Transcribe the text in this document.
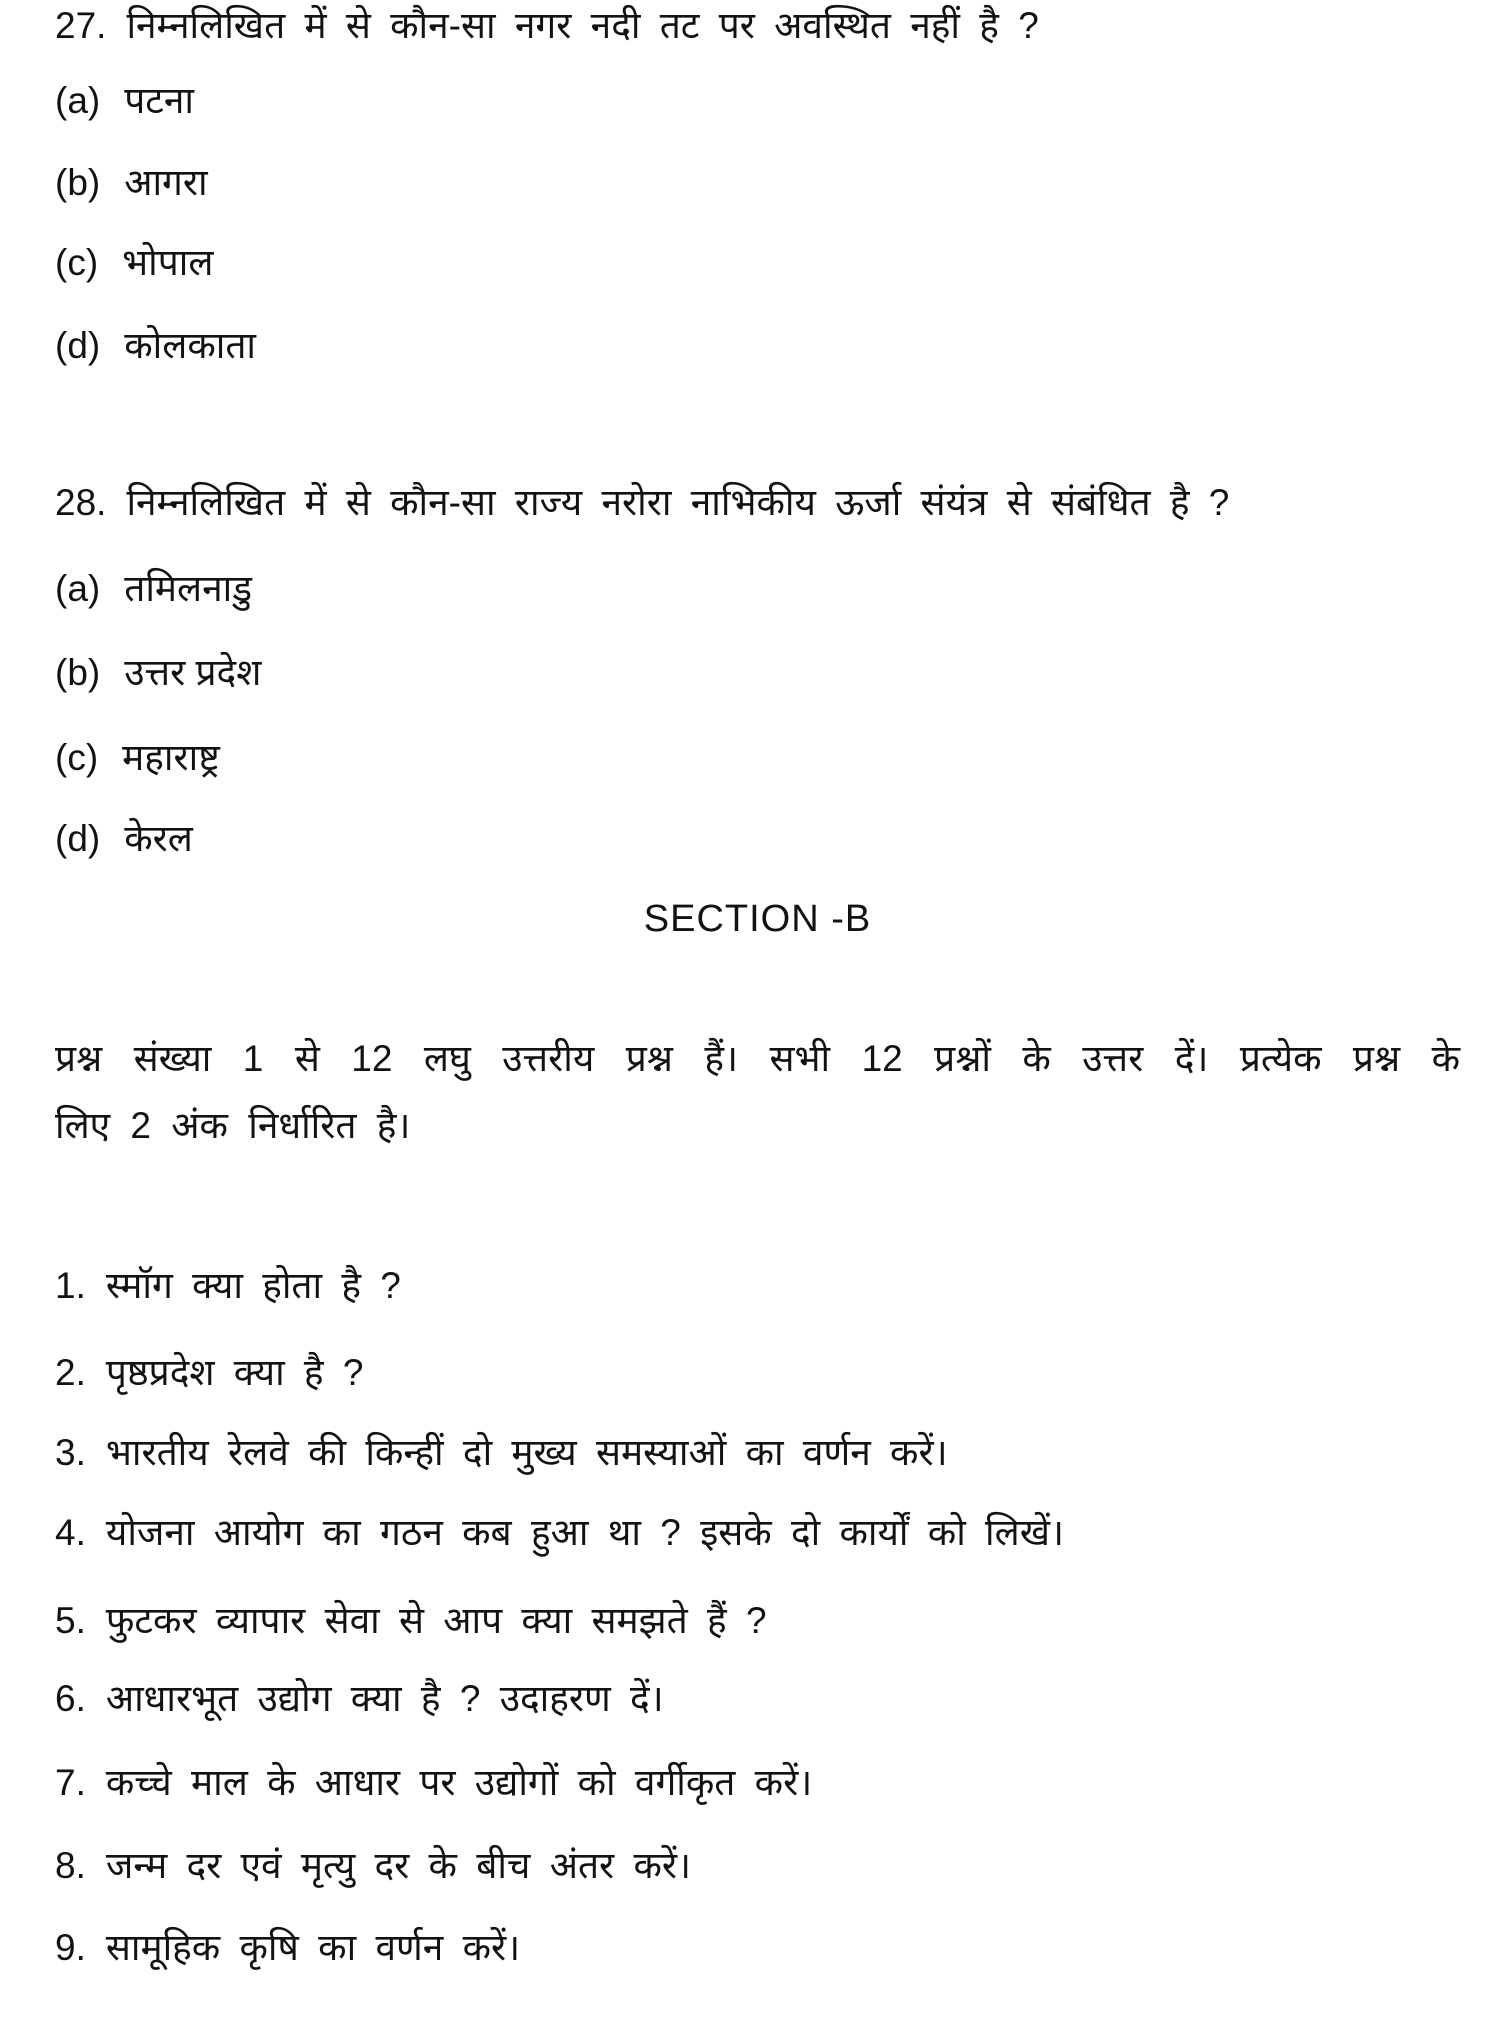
27. निम्नलिखित में से कौन-सा नगर नदी तट पर अवस्थित नहीं है ?
(a) पटना
(b) आगरा
(c) भोपाल
(d) कोलकाता
28. निम्नलिखित में से कौन-सा राज्य नरोरा नाभिकीय ऊर्जा संयंत्र से संबंधित है ?
(a) तमिलनाडु
(b) उत्तर प्रदेश
(c) महाराष्ट्र
(d) केरल
SECTION -B
प्रश्न संख्या 1 से 12 लघु उत्तरीय प्रश्न हैं। सभी 12 प्रश्नों के उत्तर दें। प्रत्येक प्रश्न के
लिए 2 अंक निर्धारित है।
1. स्मॉग क्या होता है ?
2. पृष्ठप्रदेश क्या है ?
3. भारतीय रेलवे की किन्हीं दो मुख्य समस्याओं का वर्णन करें।
4. योजना आयोग का गठन कब हुआ था ? इसके दो कार्यों को लिखें।
5. फुटकर व्यापार सेवा से आप क्या समझते हैं ?
6. आधारभूत उद्योग क्या है ? उदाहरण दें।
7. कच्चे माल के आधार पर उद्योगों को वर्गीकृत करें।
8. जन्म दर एवं मृत्यु दर के बीच अंतर करें।
9. सामूहिक कृषि का वर्णन करें।
